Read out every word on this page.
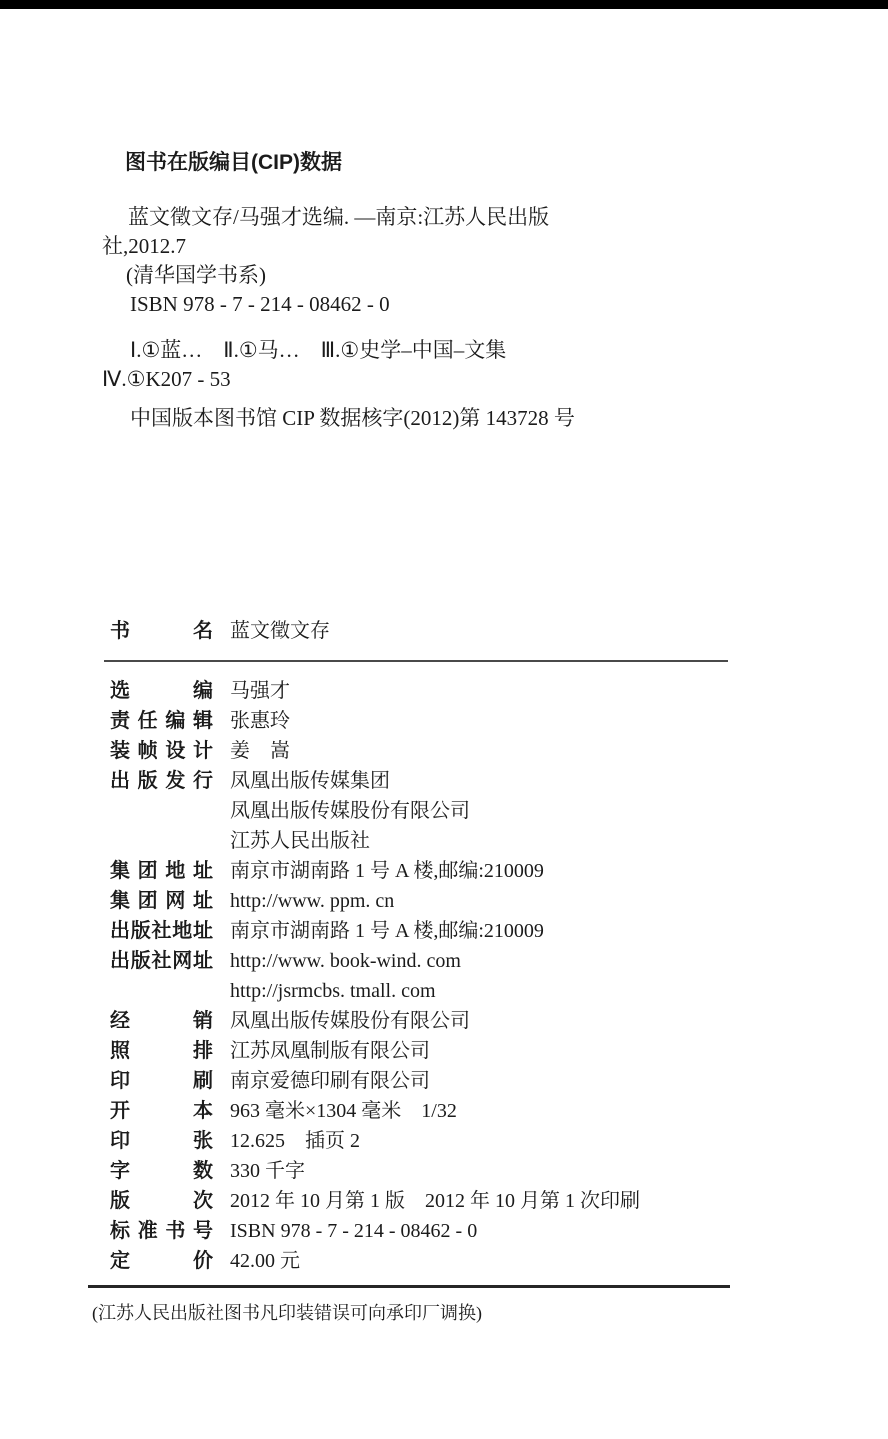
图书在版编目(CIP)数据

蓝文徵文存/马强才选编. —南京:江苏人民出版

社,2012.7

(清华国学书系)

ISBN 978 - 7 - 214 - 08462 - 0

Ⅰ.①蓝…　Ⅱ.①马…　Ⅲ.①史学–中国–文集

Ⅳ.①K207 - 53

中国版本图书馆 CIP 数据核字(2012)第 143728 号

书名 蓝文徵文存
选编 马强才
责任编辑 张惠玲
装帧设计 姜　嵩
出版发行 凤凰出版传媒集团
凤凰出版传媒股份有限公司
江苏人民出版社
集团地址 南京市湖南路 1 号 A 楼,邮编:210009
集团网址 http://www. ppm. cn
出版社地址 南京市湖南路 1 号 A 楼,邮编:210009
出版社网址 http://www. book-wind. com
http://jsrmcbs. tmall. com
经销 凤凰出版传媒股份有限公司
照排 江苏凤凰制版有限公司
印刷 南京爱德印刷有限公司
开本 963 毫米×1304 毫米　1/32
印张 12.625　插页 2
字数 330 千字
版次 2012 年 10 月第 1 版　2012 年 10 月第 1 次印刷
标准书号 ISBN 978 - 7 - 214 - 08462 - 0
定价 42.00 元
(江苏人民出版社图书凡印装错误可向承印厂调换)
